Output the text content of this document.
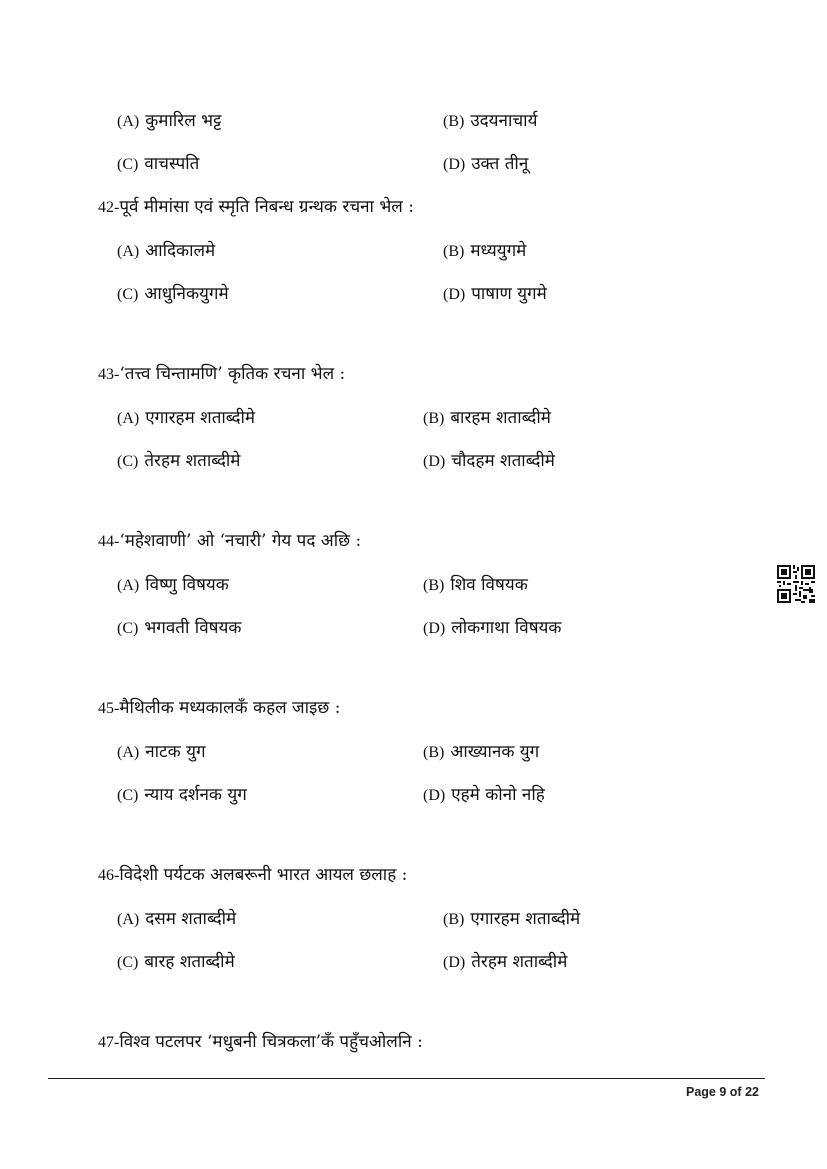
(A) कुमारिल भट्ट	(B) उदयनाचार्य
(C) वाचस्पति	(D) उक्त तीनू
42-पूर्व मीमांसा एवं स्मृति निबन्ध ग्रन्थक रचना भेल :
(A) आदिकालमे	(B) मध्ययुगमे
(C) आधुनिकयुगमे	(D) पाषाण युगमे
43-‘तत्त्व चिन्तामणि’ कृतिक रचना भेल :
(A) एगारहम शताब्दीमे	(B) बारहम शताब्दीमे
(C) तेरहम शताब्दीमे	(D) चौदहम शताब्दीमे
44-‘महेशवाणी’ ओ ‘नचारी’ गेय पद अछि :
(A) विष्णु विषयक	(B) शिव विषयक
(C) भगवती विषयक	(D) लोकगाथा विषयक
45-मैथिलीक मध्यकालकँ कहल जाइछ :
(A) नाटक युग	(B) आख्यानक युग
(C) न्याय दर्शनक युग	(D) एहमे कोनो नहि
46-विदेशी पर्यटक अलबरूनी भारत आयल छलाह :
(A) दसम शताब्दीमे	(B) एगारहम शताब्दीमे
(C) बारह शताब्दीमे	(D) तेरहम शताब्दीमे
47-विश्व पटलपर ‘मधुबनी चित्रकला’कँ पहुँचओलनि :
Page 9 of 22
